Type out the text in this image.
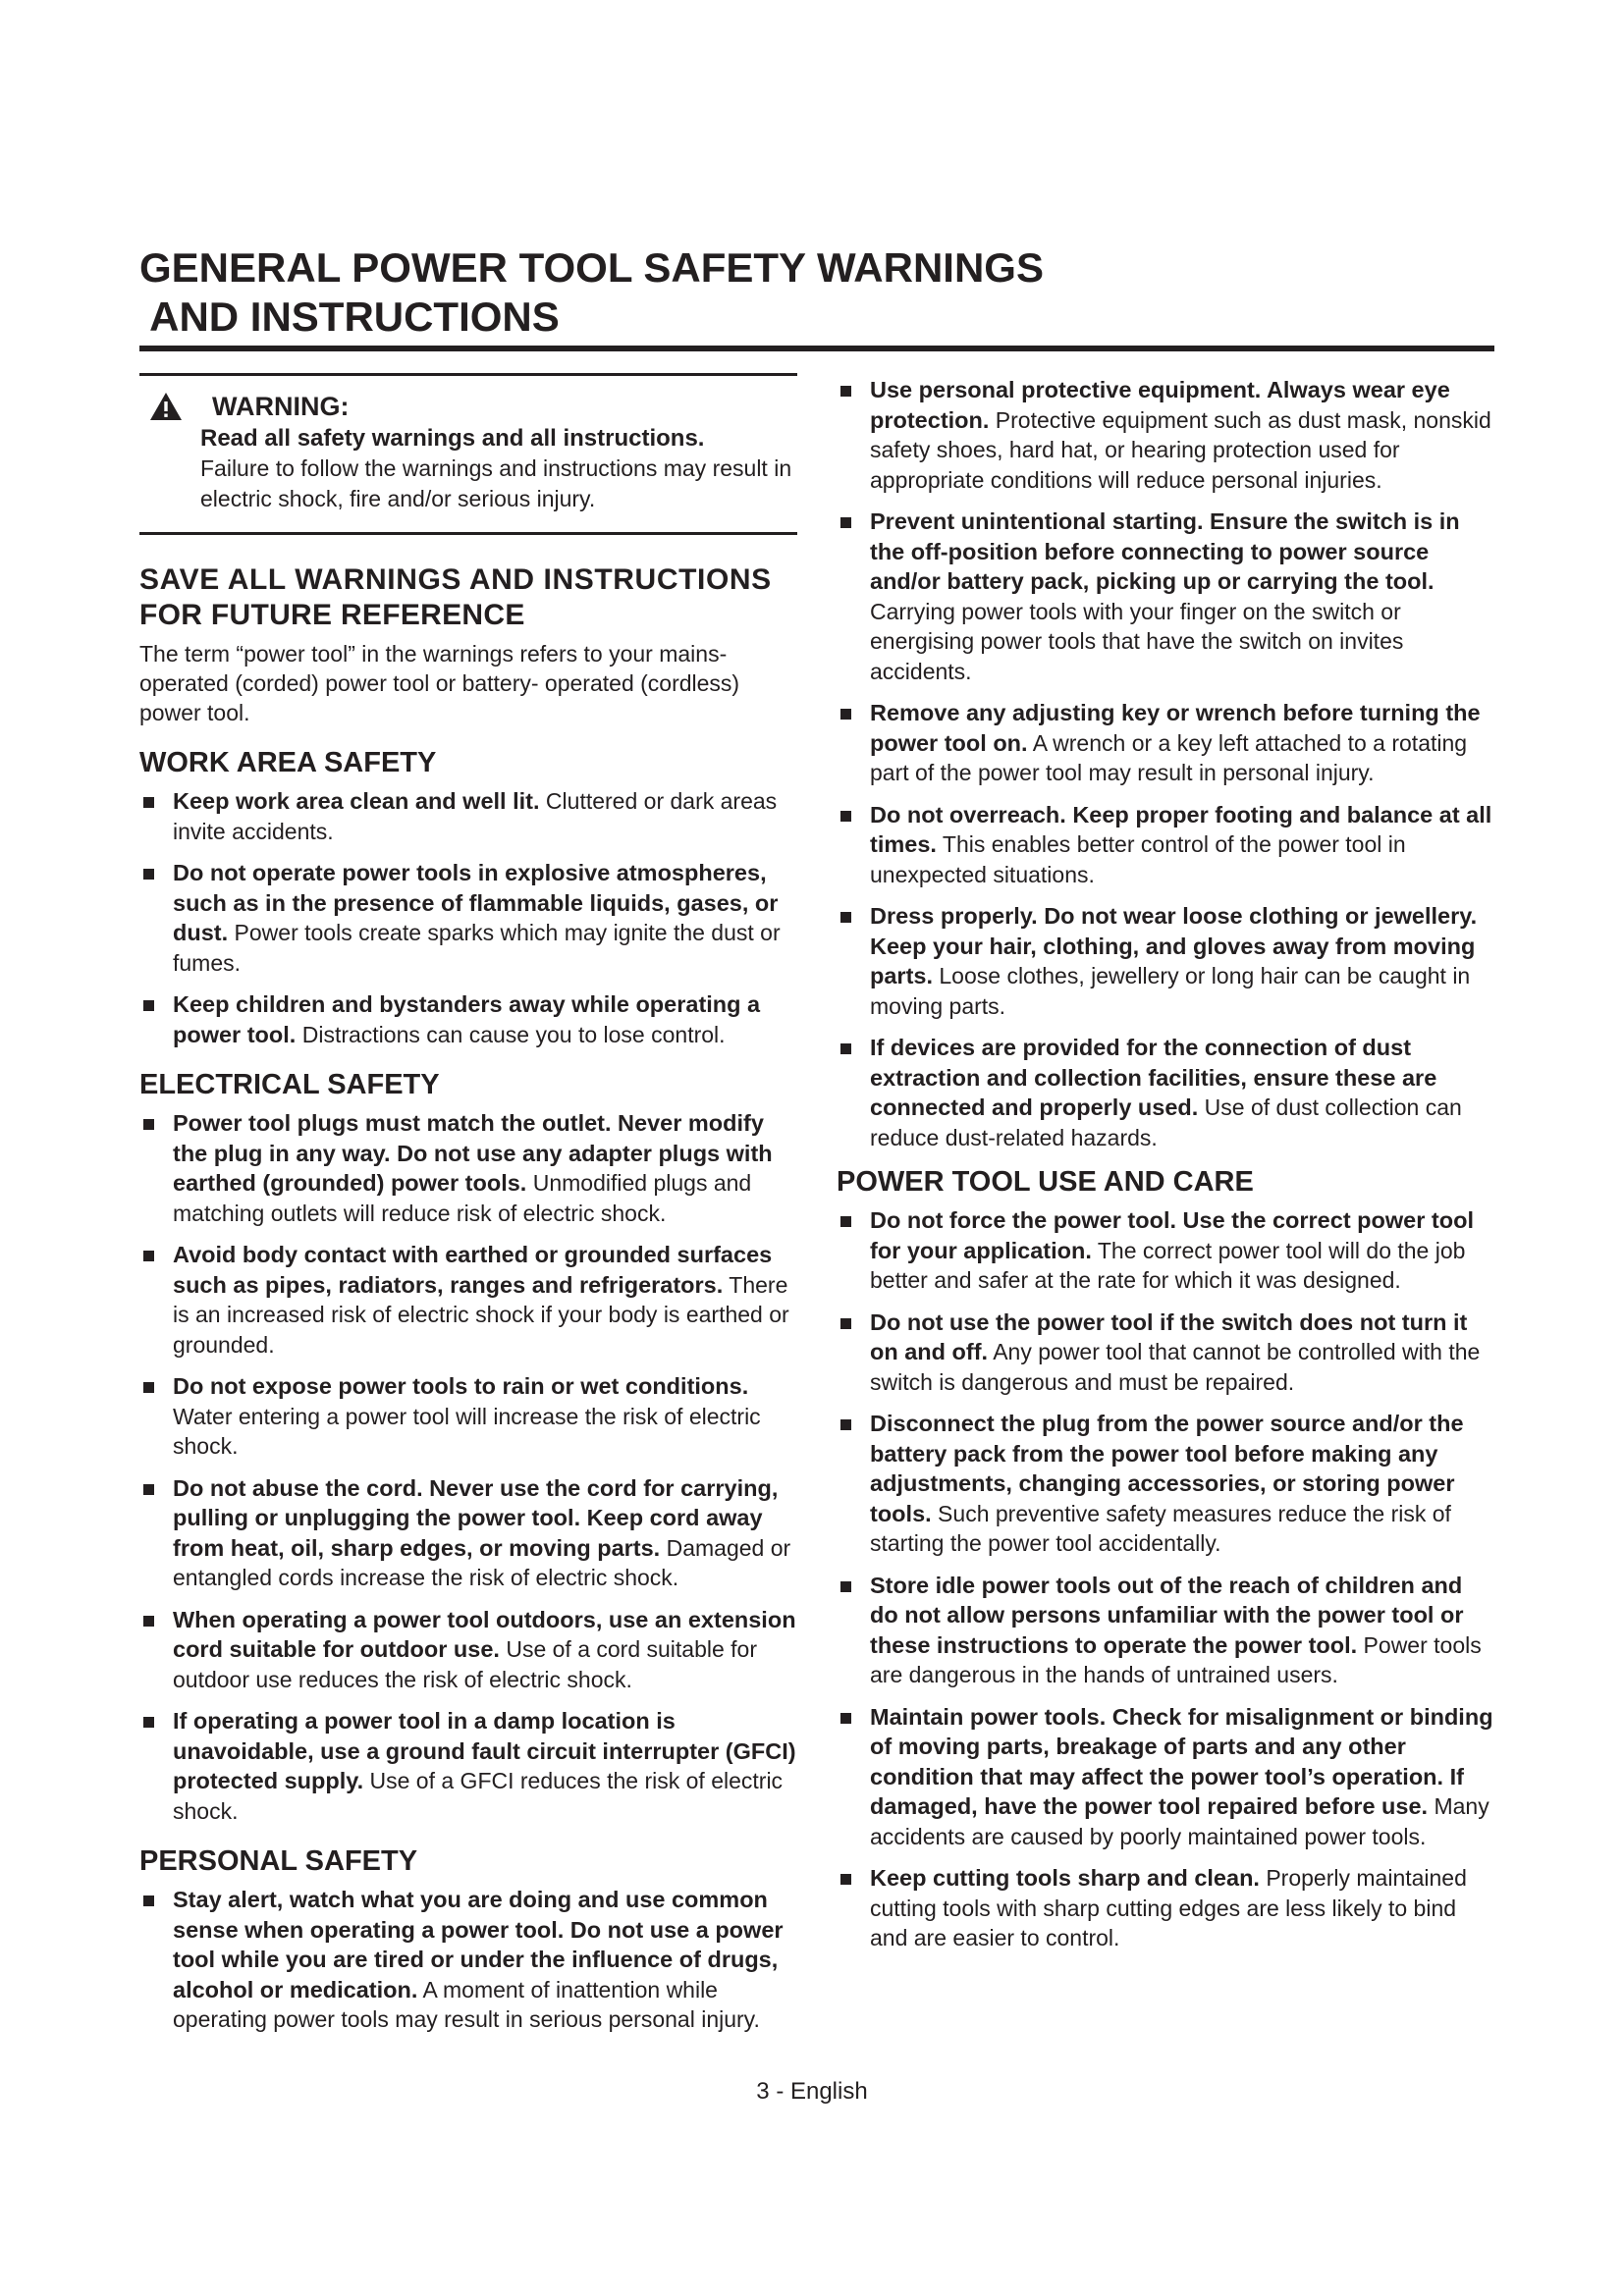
GENERAL POWER TOOL SAFETY WARNINGS
AND INSTRUCTIONS
WARNING:
Read all safety warnings and all instructions.
Failure to follow the warnings and instructions may result in electric shock, fire and/or serious injury.
SAVE ALL WARNINGS AND INSTRUCTIONS
FOR FUTURE REFERENCE

The term “power tool” in the warnings refers to your mains-operated (corded) power tool or battery- operated (cordless) power tool.

WORK AREA SAFETY
Keep work area clean and well lit. Cluttered or dark areas invite accidents.
Do not operate power tools in explosive atmospheres, such as in the presence of flammable liquids, gases, or dust. Power tools create sparks which may ignite the dust or fumes.
Keep children and bystanders away while operating a power tool. Distractions can cause you to lose control.
ELECTRICAL SAFETY
Power tool plugs must match the outlet. Never modify the plug in any way. Do not use any adapter plugs with earthed (grounded) power tools. Unmodified plugs and matching outlets will reduce risk of electric shock.
Avoid body contact with earthed or grounded surfaces such as pipes, radiators, ranges and refrigerators. There is an increased risk of electric shock if your body is earthed or grounded.
Do not expose power tools to rain or wet conditions. Water entering a power tool will increase the risk of electric shock.
Do not abuse the cord. Never use the cord for carrying, pulling or unplugging the power tool. Keep cord away from heat, oil, sharp edges, or moving parts. Damaged or entangled cords increase the risk of electric shock.
When operating a power tool outdoors, use an extension cord suitable for outdoor use. Use of a cord suitable for outdoor use reduces the risk of electric shock.
If operating a power tool in a damp location is unavoidable, use a ground fault circuit interrupter (GFCI) protected supply. Use of a GFCI reduces the risk of electric shock.
PERSONAL SAFETY
Stay alert, watch what you are doing and use common sense when operating a power tool. Do not use a power tool while you are tired or under the influence of drugs, alcohol or medication. A moment of inattention while operating power tools may result in serious personal injury.
Use personal protective equipment. Always wear eye protection. Protective equipment such as dust mask, nonskid safety shoes, hard hat, or hearing protection used for appropriate conditions will reduce personal injuries.
Prevent unintentional starting. Ensure the switch is in the off-position before connecting to power source and/or battery pack, picking up or carrying the tool. Carrying power tools with your finger on the switch or energising power tools that have the switch on invites accidents.
Remove any adjusting key or wrench before turning the power tool on. A wrench or a key left attached to a rotating part of the power tool may result in personal injury.
Do not overreach. Keep proper footing and balance at all times. This enables better control of the power tool in unexpected situations.
Dress properly. Do not wear loose clothing or jewellery. Keep your hair, clothing, and gloves away from moving parts. Loose clothes, jewellery or long hair can be caught in moving parts.
If devices are provided for the connection of dust extraction and collection facilities, ensure these are connected and properly used. Use of dust collection can reduce dust-related hazards.
POWER TOOL USE AND CARE
Do not force the power tool. Use the correct power tool for your application. The correct power tool will do the job better and safer at the rate for which it was designed.
Do not use the power tool if the switch does not turn it on and off. Any power tool that cannot be controlled with the switch is dangerous and must be repaired.
Disconnect the plug from the power source and/or the battery pack from the power tool before making any adjustments, changing accessories, or storing power tools. Such preventive safety measures reduce the risk of starting the power tool accidentally.
Store idle power tools out of the reach of children and do not allow persons unfamiliar with the power tool or these instructions to operate the power tool. Power tools are dangerous in the hands of untrained users.
Maintain power tools. Check for misalignment or binding of moving parts, breakage of parts and any other condition that may affect the power tool’s operation. If damaged, have the power tool repaired before use. Many accidents are caused by poorly maintained power tools.
Keep cutting tools sharp and clean. Properly maintained cutting tools with sharp cutting edges are less likely to bind and are easier to control.
3 - English
